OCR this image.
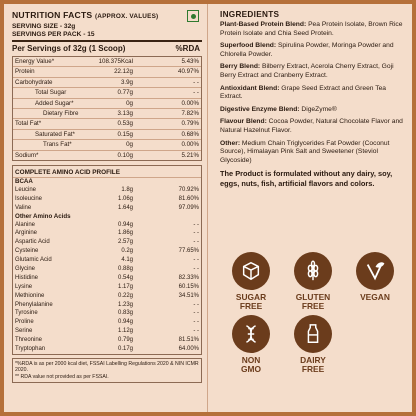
NUTRITION FACTS (APPROX. VALUES)
SERVING SIZE - 32g
SERVINGS PER PACK - 15
Per Servings of 32g (1 Scoop)	%RDA
Energy Value*	108.375Kcal	5.43%
Protein	22.12g	40.97%
Carbohydrate	3.9g	- -
Total Sugar	0.77g	- -
Added Sugar*	0g	0.00%
Dietary Fibre	3.13g	7.82%
Total Fat*	0.53g	0.79%
Saturated Fat*	0.15g	0.68%
Trans Fat*	0g	0.00%
Sodium*	0.10g	5.21%
COMPLETE AMINO ACID PROFILE
BCAA
Leucine	1.8g	70.92%
Isoleucine	1.06g	81.60%
Valine	1.64g	97.09%
Other Amino Acids
Alanine	0.94g	- -
Arginine	1.86g	- -
Aspartic Acid	2.57g	- -
Cysteine	0.2g	77.65%
Glutamic Acid	4.1g	- -
Glycine	0.88g	- -
Histidine	0.54g	82.33%
Lysine	1.17g	60.15%
Methionine	0.22g	34.51%
Phenylalanine	1.23g	- -
Tyrosine	0.83g	- -
Proline	0.94g	- -
Serine	1.12g	- -
Threonine	0.79g	81.51%
Tryptophan	0.17g	64.00%
*%RDA is as per 2000 kcal diet, FSSAI Labelling Regulations 2020 & NIN ICMR 2020.
** RDA value not provided as per FSSAI.
INGREDIENTS
Plant-Based Protein Blend: Pea Protein Isolate, Brown Rice Protein Isolate and Chia Seed Protein.
Superfood Blend: Spirulina Powder, Moringa Powder and Chlorella Powder.
Berry Blend: Bilberry Extract, Acerola Cherry Extract, Goji Berry Extract and Cranberry Extract.
Antioxidant Blend: Grape Seed Extract and Green Tea Extract.
Digestive Enzyme Blend: DigeZyme®
Flavour Blend: Cocoa Powder, Natural Chocolate Flavor and Natural Hazelnut Flavor.
Other: Medium Chain Triglycerides Fat Powder (Coconut Source), Himalayan Pink Salt and Sweetener (Steviol Glycoside)
The Product is formulated without any dairy, soy, eggs, nuts, fish, artificial flavors and colors.
SUGAR
FREE
GLUTEN
FREE
VEGAN
NON
GMO
DAIRY
FREE
